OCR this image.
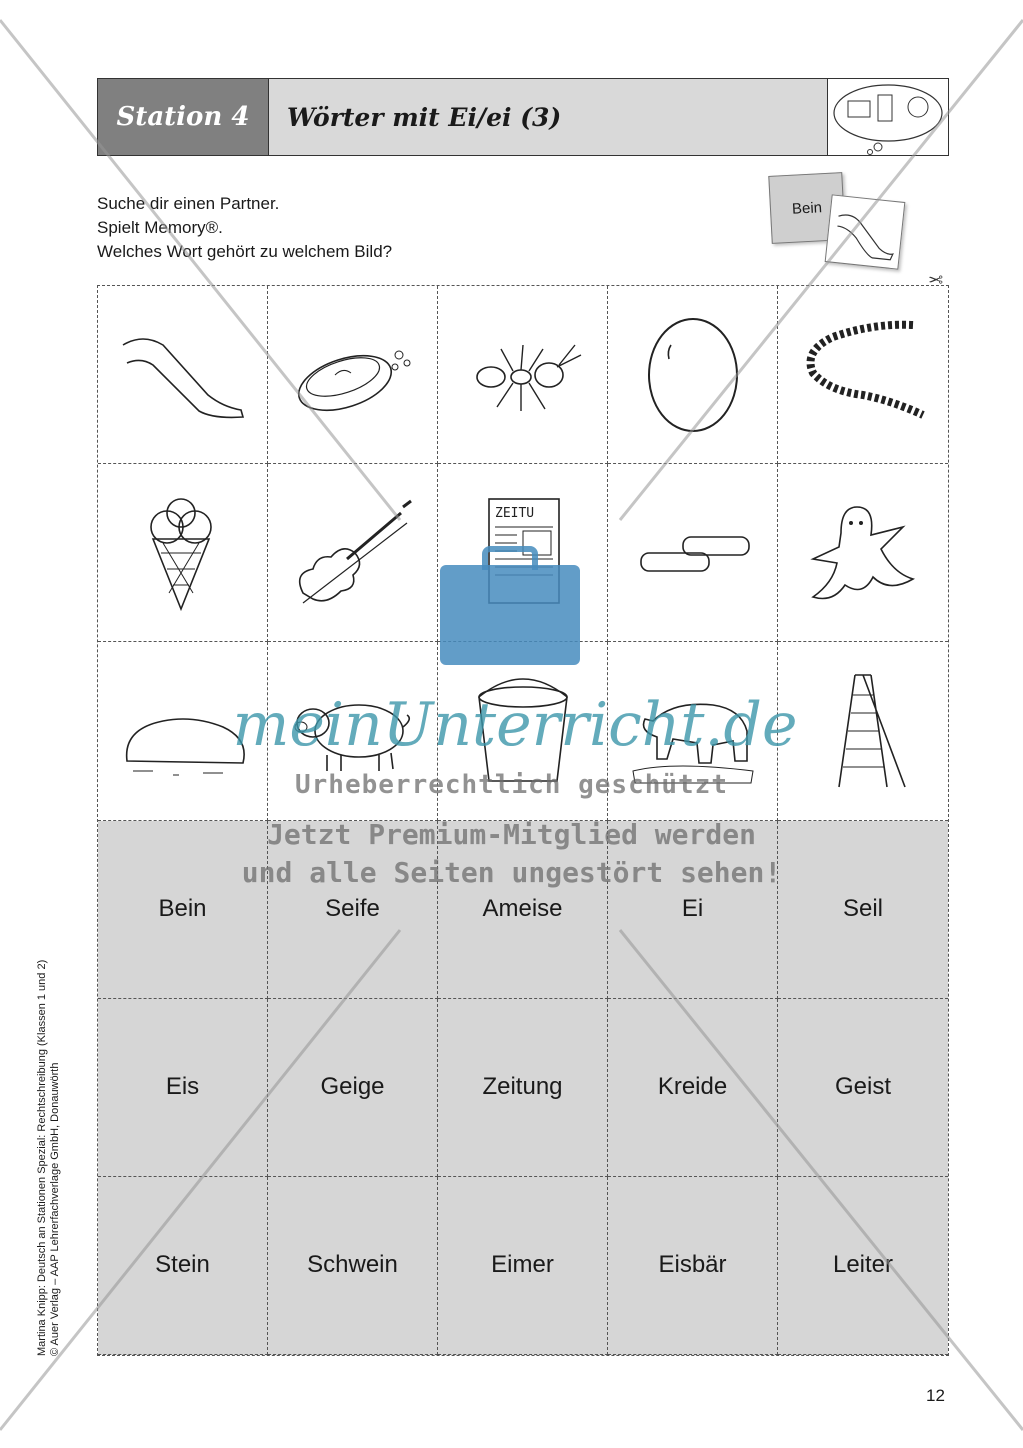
Station 4	Wörter mit Ei/ei (3)
Suche dir einen Partner.
Spielt Memory®.
Welches Wort gehört zu welchem Bild?
Bein
✂
ZEITU
Bein	Seife	Ameise	Ei	Seil
Eis	Geige	Zeitung	Kreide	Geist
Stein	Schwein	Eimer	Eisbär	Leiter
meinUnterricht.de
Urheberrechtlich geschützt
Jetzt Premium-Mitglied werden
und alle Seiten ungestört sehen!
Martina Knipp: Deutsch an Stationen Spezial: Rechtschreibung (Klassen 1 und 2) © Auer Verlag – AAP Lehrerfachverlage GmbH, Donauwörth
12
